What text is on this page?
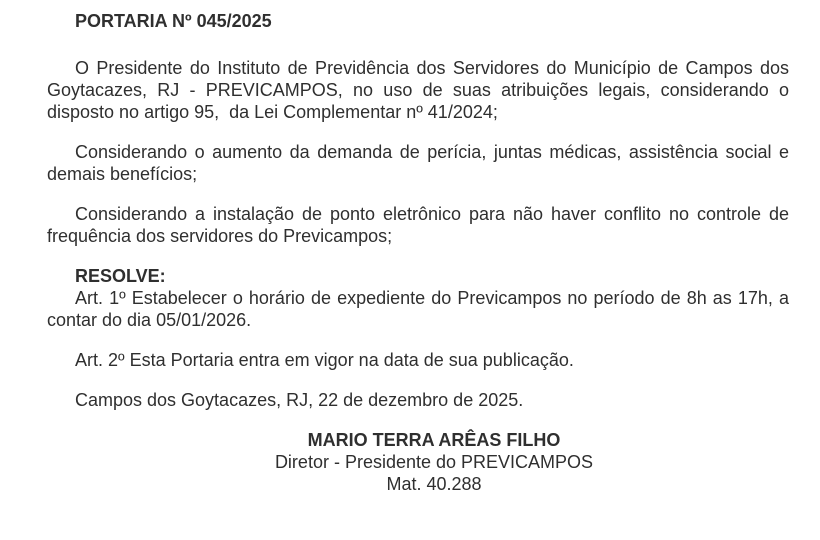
PORTARIA Nº 045/2025

O Presidente do Instituto de Previdência dos Servidores do Município de Campos dos Goytacazes, RJ - PREVICAMPOS, no uso de suas atribuições legais, considerando o disposto no artigo 95,  da Lei Complementar nº 41/2024;

Considerando o aumento da demanda de perícia, juntas médicas, assistência social e demais benefícios;

Considerando a instalação de ponto eletrônico para não haver conflito no controle de frequência dos servidores do Previcampos;

RESOLVE:

Art. 1º Estabelecer o horário de expediente do Previcampos no período de 8h as 17h, a contar do dia 05/01/2026.

Art. 2º Esta Portaria entra em vigor na data de sua publicação.

Campos dos Goytacazes, RJ, 22 de dezembro de 2025.

MARIO TERRA ARÊAS FILHO

Diretor - Presidente do PREVICAMPOS

Mat. 40.288
